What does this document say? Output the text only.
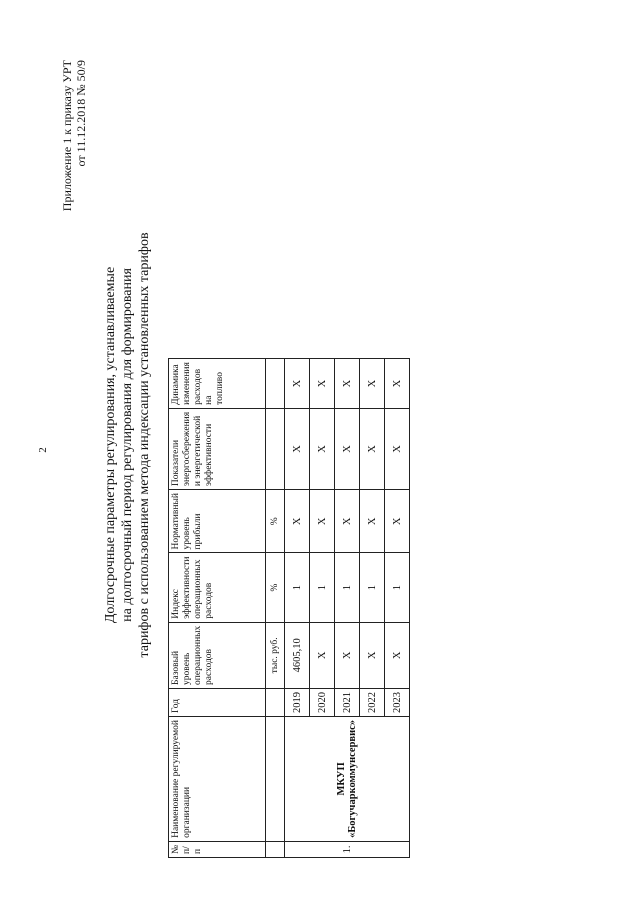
2
Приложение 1 к приказу УРТ от 11.12.2018 № 50/9
Долгосрочные параметры регулирования, устанавливаемые на долгосрочный период регулирования для формирования тарифов с использованием метода индексации установленных тарифов
№ п/п	Наименование регулируемой организации	Год	Базовый уровень операционных расходов	Индекс эффективности операционных расходов	Нормативный уровень прибыли	Показатели энергосбережения и энергетической эффективности	Динамика изменения расходов на топливо
			тыс. руб.	%	%		
1.	МКУП «Богучаркоммунсервис»	2019	4605,10	1	X	X	X
		2020	X	1	X	X	X
		2021	X	1	X	X	X
		2022	X	1	X	X	X
		2023	X	1	X	X	X
